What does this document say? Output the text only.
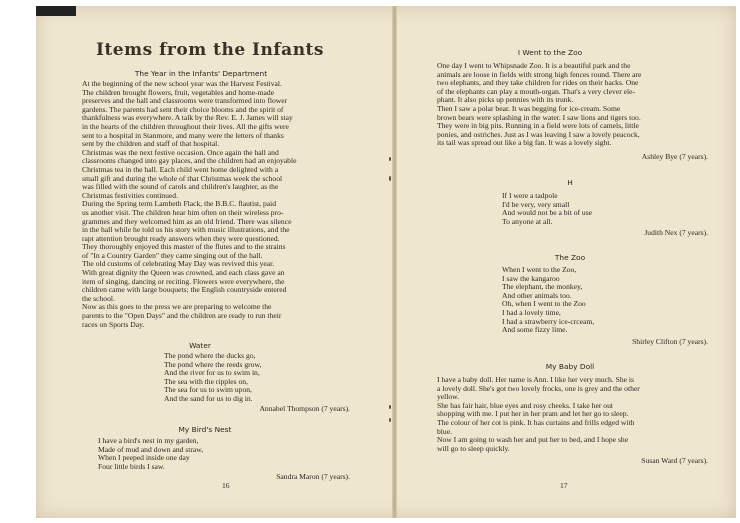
Items from the Infants
The Year in the Infants' Department
At the beginning of the new school year was the Harvest Festival.
The children brought flowers, fruit, vegetables and home-made
preserves and the hall and classrooms were transformed into flower
gardens. The parents had sent their choice blooms and the spirit of
thankfulness was everywhere. A talk by the Rev. E. J. James will stay
in the hearts of the children throughout their lives. All the gifts were
sent to a hospital in Stanmore, and many were the letters of thanks
sent by the children and staff of that hospital.
Christmas was the next festive occasion. Once again the hall and
classrooms changed into gay places, and the children had an enjoyable
Christmas tea in the hall. Each child went home delighted with a
small gift and during the whole of that Christmas week the school
was filled with the sound of carols and children's laughter, as the
Christmas festivities continued.
During the Spring term Lambeth Flack, the B.B.C. flautist, paid
us another visit. The children hear him often on their wireless pro-
grammes and they welcomed him as an old friend. There was silence
in the hall while he told us his story with music illustrations, and the
rapt attention brought ready answers when they were questioned.
They thoroughly enjoyed this master of the flutes and to the strains
of "In a Country Garden" they came singing out of the hall.
The old customs of celebrating May Day was revived this year.
With great dignity the Queen was crowned, and each class gave an
item of singing, dancing or reciting. Flowers were everywhere, the
children came with large bouquets; the English countryside entered
the school.
Now as this goes to the press we are preparing to welcome the
parents to the "Open Days" and the children are ready to run their
races on Sports Day.
Water
The pond where the ducks go,
The pond where the reeds grow,
And the river for us to swim in,
The sea with the ripples on,
The sea for us to swim upon,
And the sand for us to dig in.
Annabel Thompson (7 years).
My Bird's Nest
I have a bird's nest in my garden,
Made of mud and down and straw,
When I peeped inside one day
Four little birds I saw.
Sandra Maron (7 years).
16
I Went to the Zoo
One day I went to Whipsnade Zoo. It is a beautiful park and the
animals are loose in fields with strong high fences round. There are
two elephants, and they take children for rides on their backs. One
of the elephants can play a mouth-organ. That's a very clever ele-
phant. It also picks up pennies with its trunk.
Then I saw a polar bear. It was begging for ice-cream. Some
brown bears were splashing in the water. I saw lions and tigers too.
They were in big pits. Running in a field were lots of camels, little
ponies, and ostriches. Just as I was leaving I saw a lovely peacock,
its tail was spread out like a big fan. It was a lovely sight.
Ashley Bye (7 years).
H
If I were a tadpole
I'd be very, very small
And would not be a bit of use
To anyone at all.
Judith Nex (7 years).
The Zoo
When I went to the Zoo,
I saw the kangaroo
The elephant, the monkey,
And other animals too.
Oh, when I went to the Zoo
I had a lovely time,
I had a strawberry ice-crceam,
And some fizzy lime.
Shirley Clifton (7 years).
My Baby Doll
I have a baby doll. Her name is Ann. I like her very much. She is
a lovely doll. She's got two lovely frocks, one is grey and the other
yellow.
She has fair hair, blue eyes and rosy cheeks. I take her out
shopping with me. I put her in her pram and let her go to sleep.
The colour of her cot is pink. It has curtains and frills edged with
blue.
Now I am going to wash her and put her to bed, and I hope she
will go to sleep quickly.
Susan Ward (7 years).
17
